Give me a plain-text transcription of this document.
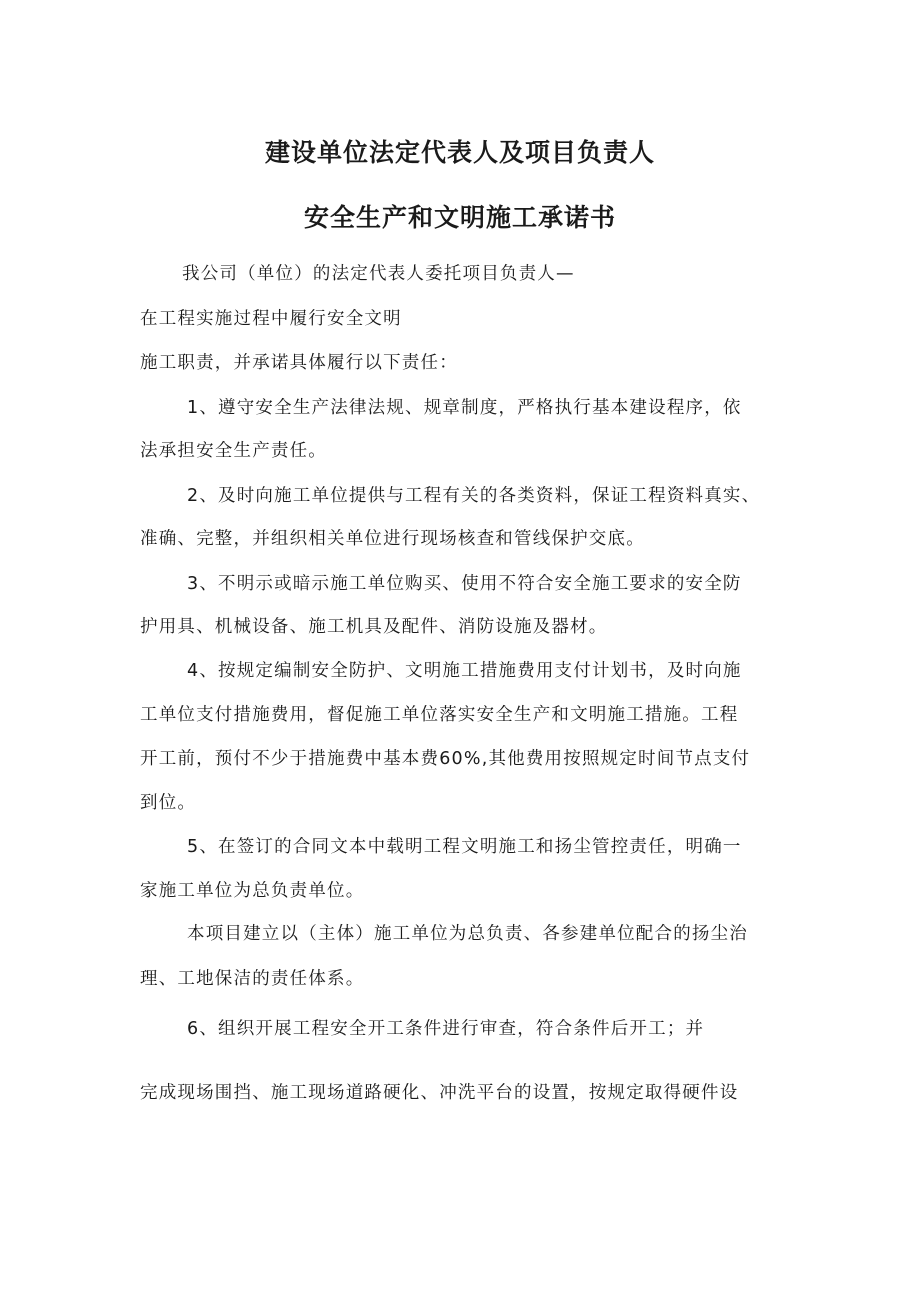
建设单位法定代表人及项目负责人
安全生产和文明施工承诺书
我公司（单位）的法定代表人委托项目负责人—
在工程实施过程中履行安全文明
施工职责，并承诺具体履行以下责任：
1、遵守安全生产法律法规、规章制度，严格执行基本建设程序，依
法承担安全生产责任。
2、及时向施工单位提供与工程有关的各类资料，保证工程资料真实、
准确、完整，并组织相关单位进行现场核查和管线保护交底。
3、不明示或暗示施工单位购买、使用不符合安全施工要求的安全防
护用具、机械设备、施工机具及配件、消防设施及器材。
4、按规定编制安全防护、文明施工措施费用支付计划书，及时向施
工单位支付措施费用，督促施工单位落实安全生产和文明施工措施。工程
开工前，预付不少于措施费中基本费60%,其他费用按照规定时间节点支付
到位。
5、在签订的合同文本中载明工程文明施工和扬尘管控责任，明确一
家施工单位为总负责单位。
本项目建立以（主体）施工单位为总负责、各参建单位配合的扬尘治
理、工地保洁的责任体系。
6、组织开展工程安全开工条件进行审查，符合条件后开工；并
完成现场围挡、施工现场道路硬化、冲洗平台的设置，按规定取得硬件设
